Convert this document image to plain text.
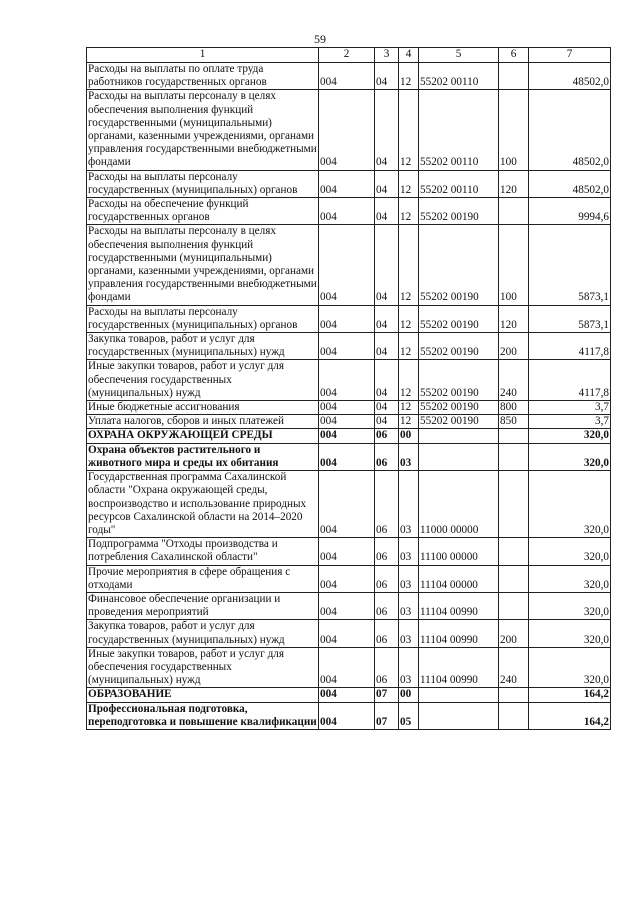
59
1	2	3	4	5	6	7
Расходы на выплаты по оплате труда работников государственных органов	004	04	12	55202 00110		48502,0
Расходы на выплаты персоналу в целях обеспечения выполнения функций государственными (муниципальными) органами, казенными учреждениями, органами управления государственными внебюджетными фондами	004	04	12	55202 00110	100	48502,0
Расходы на выплаты персоналу государственных (муниципальных) органов	004	04	12	55202 00110	120	48502,0
Расходы на обеспечение функций государственных органов	004	04	12	55202 00190		9994,6
Расходы на выплаты персоналу в целях обеспечения выполнения функций государственными (муниципальными) органами, казенными учреждениями, органами управления государственными внебюджетными фондами	004	04	12	55202 00190	100	5873,1
Расходы на выплаты персоналу государственных (муниципальных) органов	004	04	12	55202 00190	120	5873,1
Закупка товаров, работ и услуг для государственных (муниципальных) нужд	004	04	12	55202 00190	200	4117,8
Иные закупки товаров, работ и услуг для обеспечения государственных (муниципальных) нужд	004	04	12	55202 00190	240	4117,8
Иные бюджетные ассигнования	004	04	12	55202 00190	800	3,7
Уплата налогов, сборов и иных платежей	004	04	12	55202 00190	850	3,7
ОХРАНА ОКРУЖАЮЩЕЙ СРЕДЫ	004	06	00			320,0
Охрана объектов растительного и животного мира и среды их обитания	004	06	03			320,0
Государственная программа Сахалинской области "Охрана окружающей среды, воспроизводство и использование природных ресурсов Сахалинской области на 2014–2020 годы"	004	06	03	11000 00000		320,0
Подпрограмма "Отходы производства и потребления Сахалинской области"	004	06	03	11100 00000		320,0
Прочие мероприятия в сфере обращения с отходами	004	06	03	11104 00000		320,0
Финансовое обеспечение организации и проведения мероприятий	004	06	03	11104 00990		320,0
Закупка товаров, работ и услуг для государственных (муниципальных) нужд	004	06	03	11104 00990	200	320,0
Иные закупки товаров, работ и услуг для обеспечения государственных (муниципальных) нужд	004	06	03	11104 00990	240	320,0
ОБРАЗОВАНИЕ	004	07	00			164,2
Профессиональная подготовка, переподготовка и повышение квалификации	004	07	05			164,2
